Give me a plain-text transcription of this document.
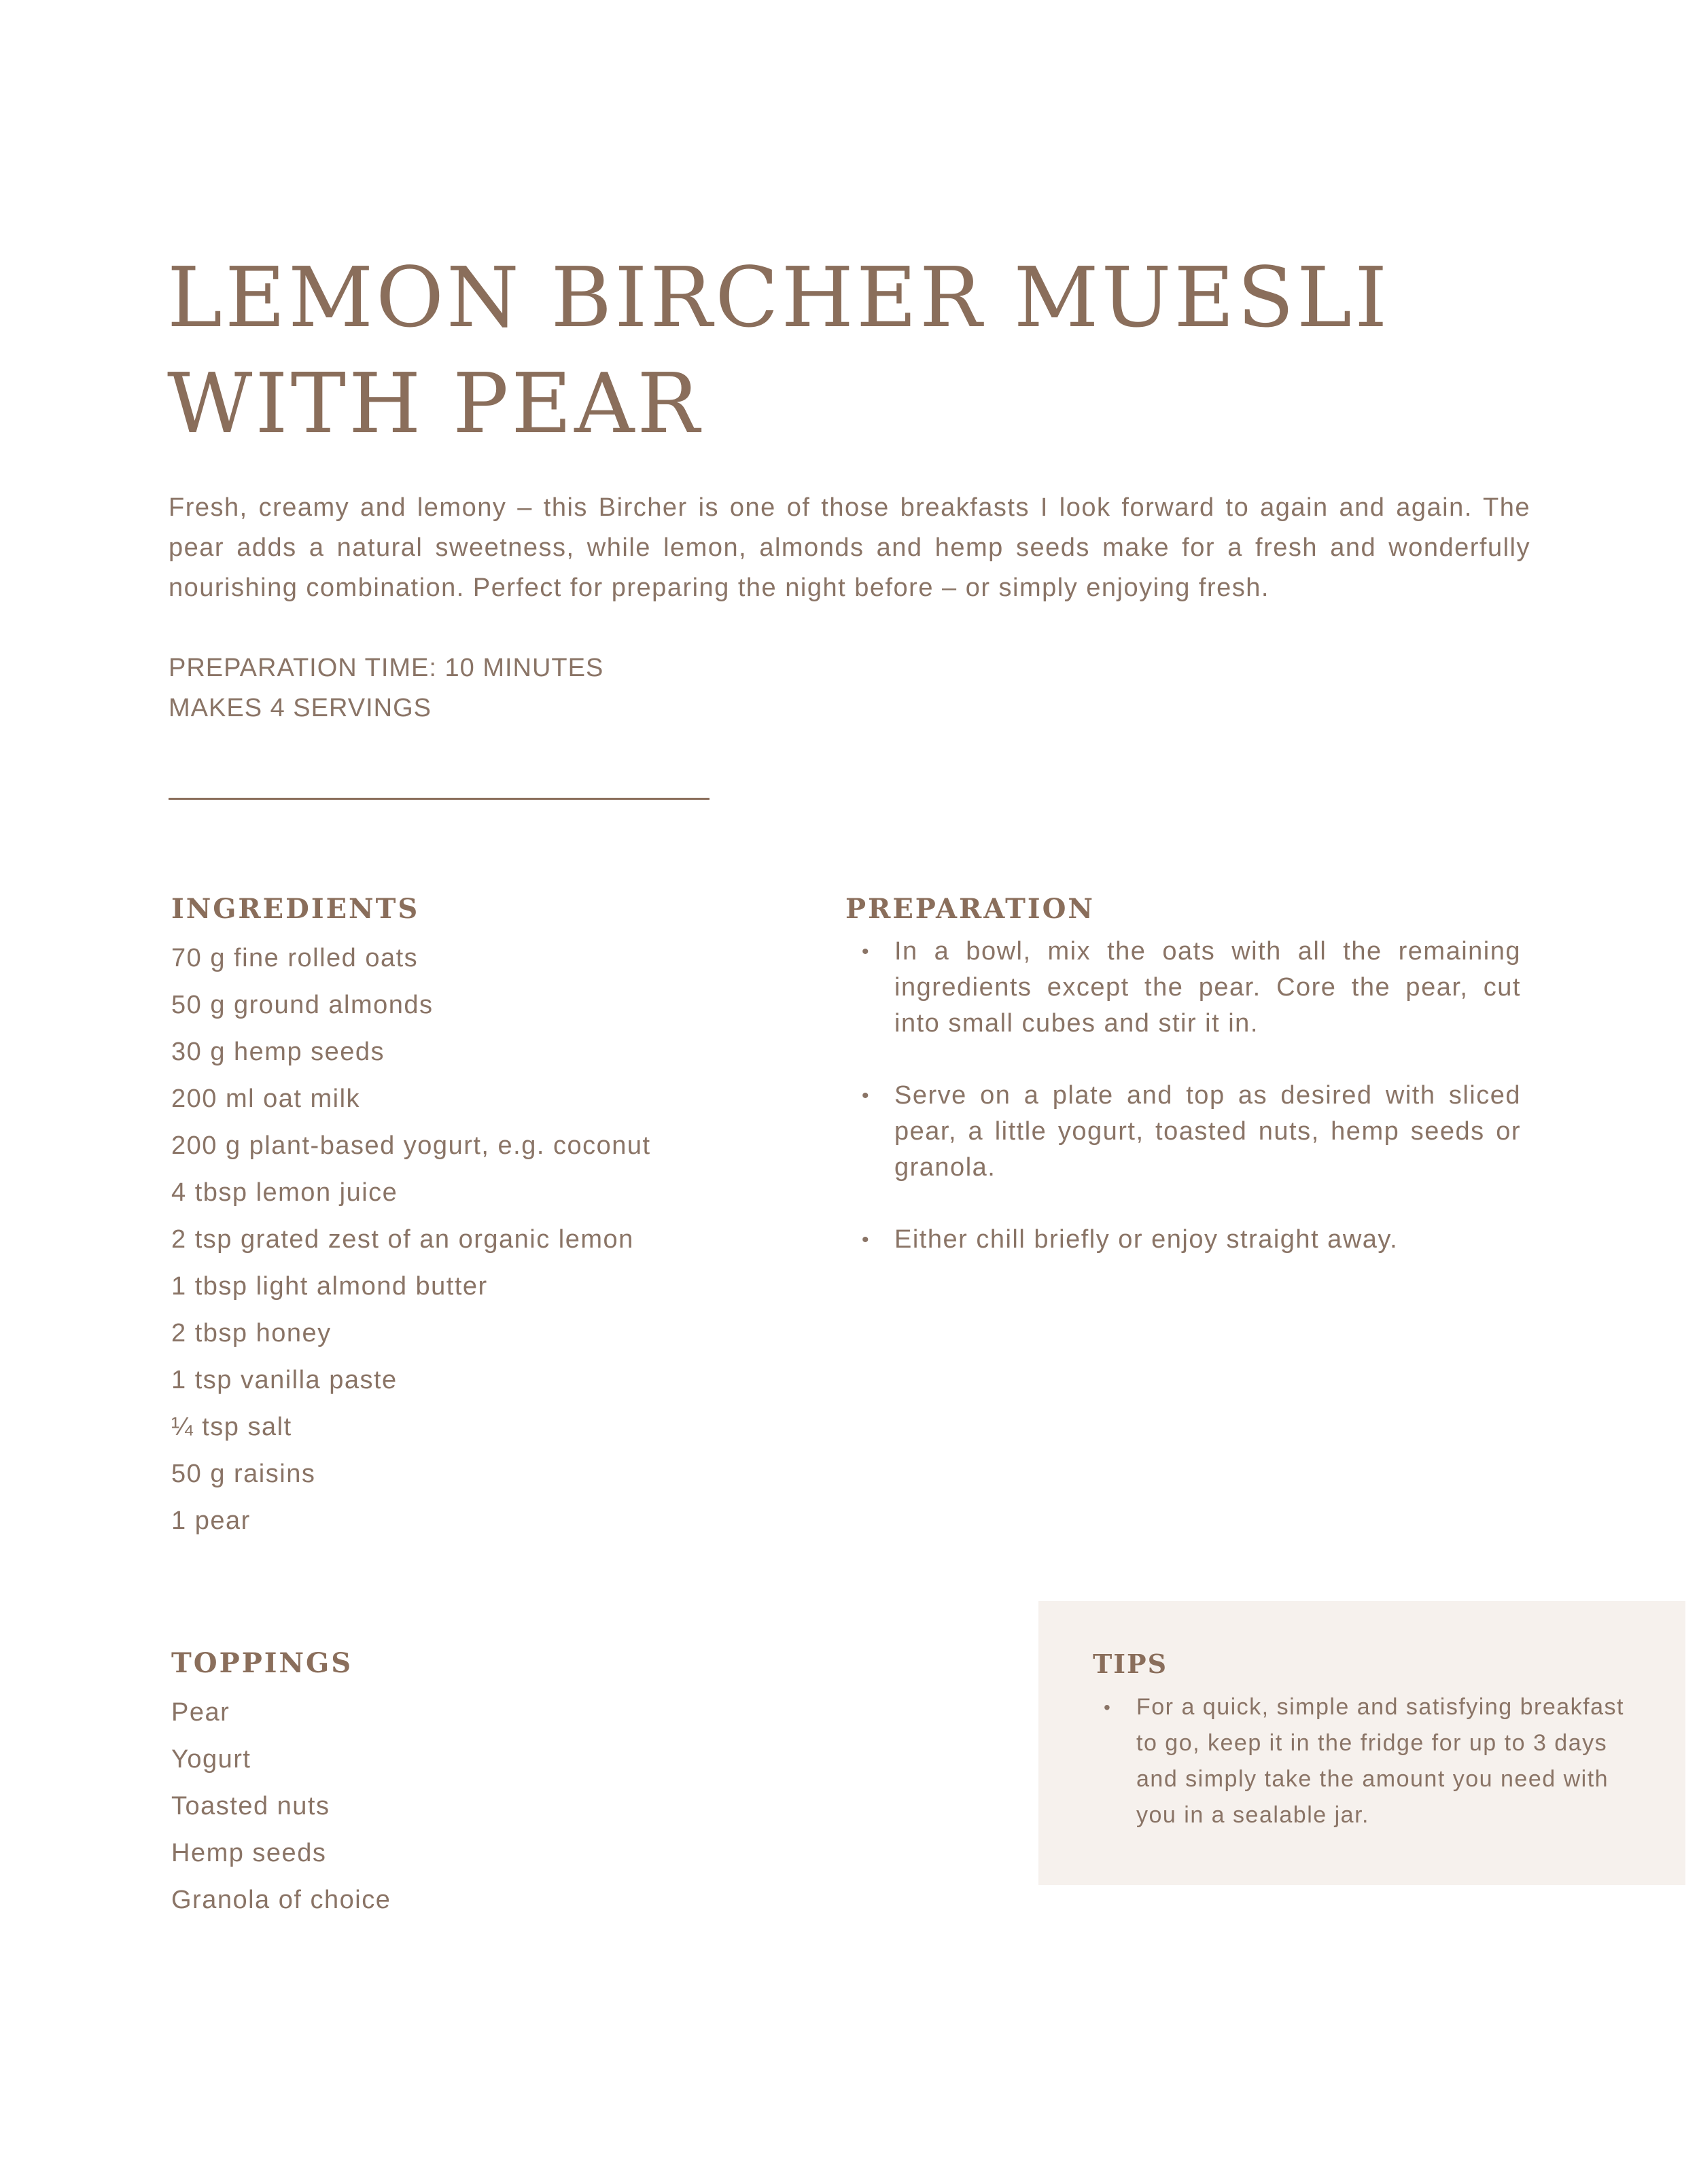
LEMON BIRCHER MUESLI
WITH PEAR

Fresh, creamy and lemony – this Bircher is one of those breakfasts I look forward to again and again. The pear adds a natural sweetness, while lemon, almonds and hemp seeds make for a fresh and wonderfully nourishing combination. Perfect for preparing the night before – or simply enjoying fresh.

PREPARATION TIME: 10 MINUTES
MAKES 4 SERVINGS
INGREDIENTS
70 g fine rolled oats
50 g ground almonds
30 g hemp seeds
200 ml oat milk
200 g plant-based yogurt, e.g. coconut
4 tbsp lemon juice
2 tsp grated zest of an organic lemon
1 tbsp light almond butter
2 tbsp honey
1 tsp vanilla paste
¼ tsp salt
50 g raisins
1 pear
PREPARATION
• In a bowl, mix the oats with all the remaining ingredients except the pear. Core the pear, cut into small cubes and stir it in.
• Serve on a plate and top as desired with sliced pear, a little yogurt, toasted nuts, hemp seeds or granola.
• Either chill briefly or enjoy straight away.
TOPPINGS
Pear
Yogurt
Toasted nuts
Hemp seeds
Granola of choice
TIPS
• For a quick, simple and satisfying breakfast to go, keep it in the fridge for up to 3 days and simply take the amount you need with you in a sealable jar.
